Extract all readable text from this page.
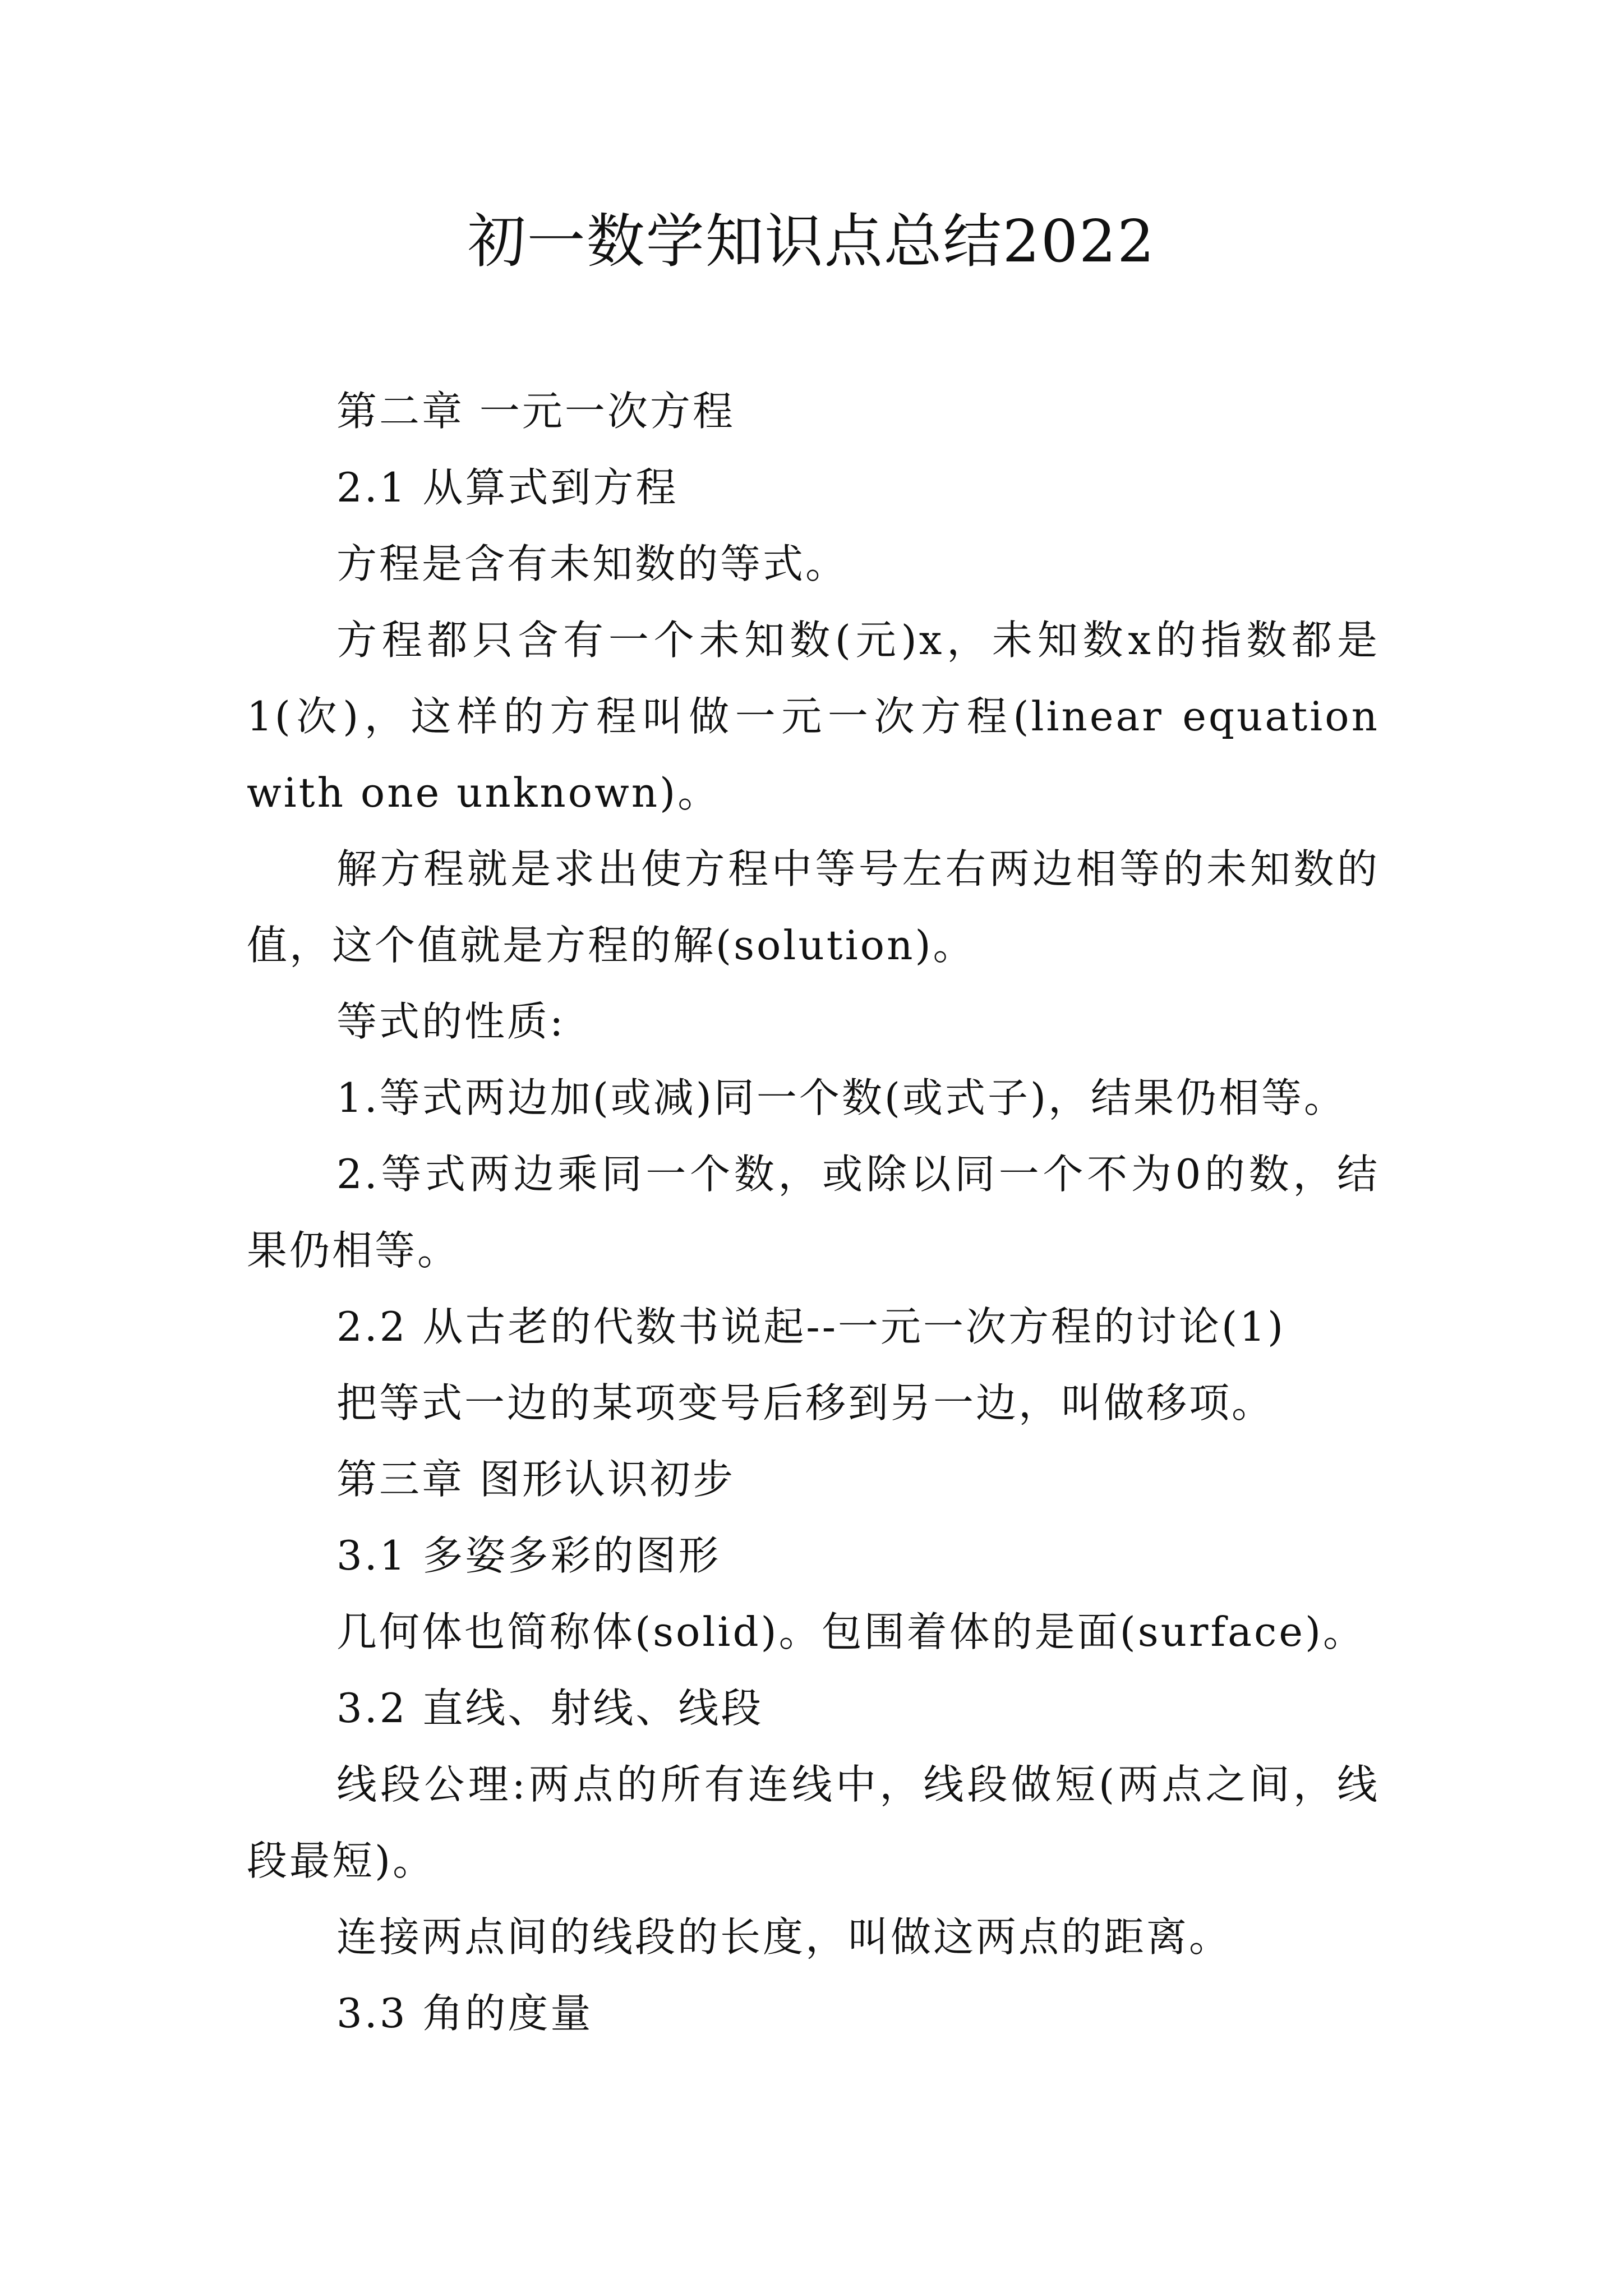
初一数学知识点总结2022

第二章 一元一次方程

2.1 从算式到方程

方程是含有未知数的等式。

方程都只含有一个未知数(元)x，未知数x的指数都是1(次)，这样的方程叫做一元一次方程(linear equation with one unknown)。

解方程就是求出使方程中等号左右两边相等的未知数的值，这个值就是方程的解(solution)。

等式的性质:

1.等式两边加(或减)同一个数(或式子)，结果仍相等。

2.等式两边乘同一个数，或除以同一个不为0的数，结果仍相等。

2.2 从古老的代数书说起--一元一次方程的讨论(1)

把等式一边的某项变号后移到另一边，叫做移项。

第三章 图形认识初步

3.1 多姿多彩的图形

几何体也简称体(solid)。包围着体的是面(surface)。

3.2 直线、射线、线段

线段公理:两点的所有连线中，线段做短(两点之间，线段最短)。

连接两点间的线段的长度，叫做这两点的距离。

3.3 角的度量
